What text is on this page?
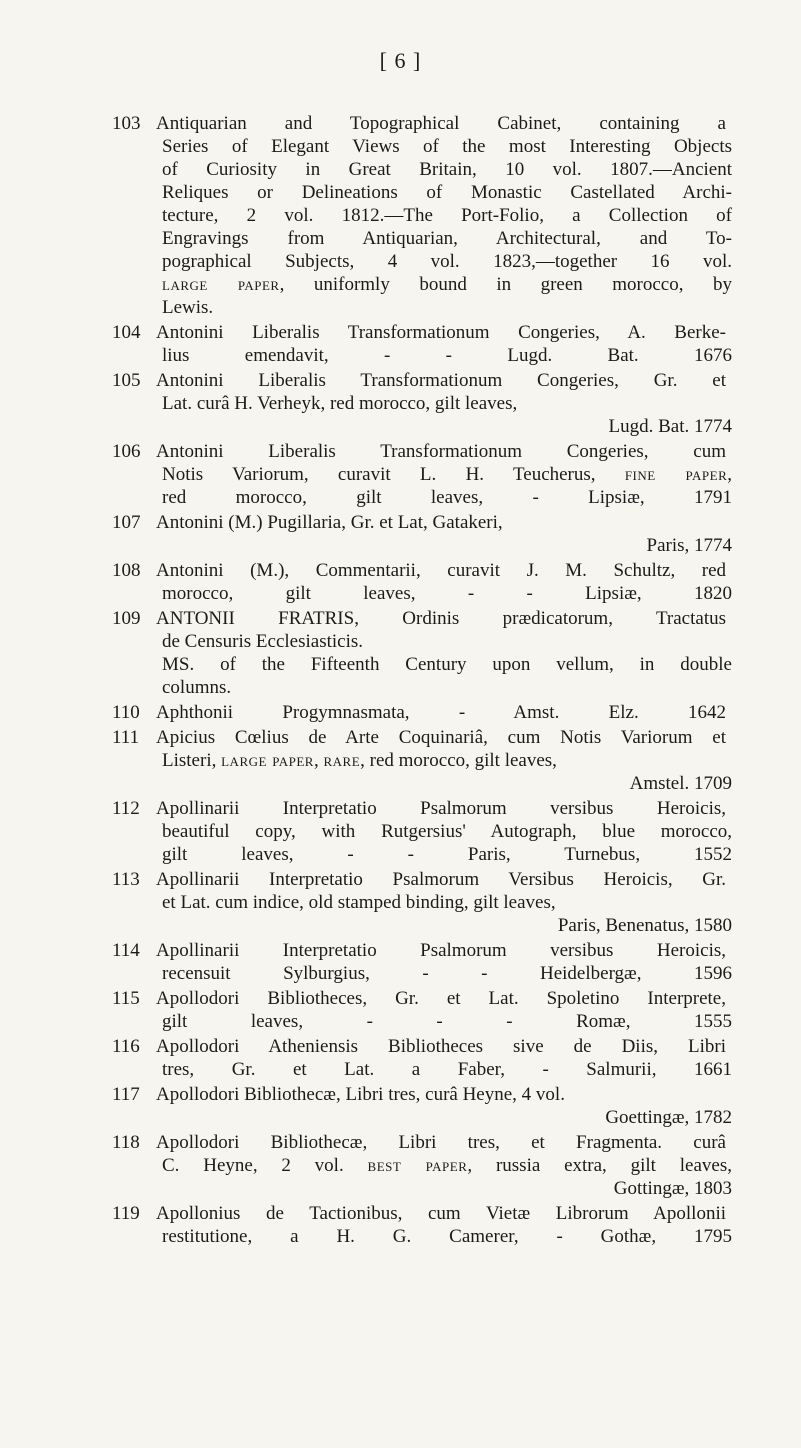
[ 6 ]
103 Antiquarian and Topographical Cabinet, containing a
Series of Elegant Views of the most Interesting Objects
of Curiosity in Great Britain, 10 vol. 1807.—Ancient
Reliques or Delineations of Monastic Castellated Archi-
tecture, 2 vol. 1812.—The Port-Folio, a Collection of
Engravings from Antiquarian, Architectural, and To-
pographical Subjects, 4 vol. 1823,—together 16 vol.
large paper, uniformly bound in green morocco, by
Lewis.
104 Antonini Liberalis Transformationum Congeries, A. Berke-
lius emendavit, - - Lugd. Bat. 1676
105 Antonini Liberalis Transformationum Congeries, Gr. et
Lat. curâ H. Verheyk, red morocco, gilt leaves,
Lugd. Bat. 1774
106 Antonini Liberalis Transformationum Congeries, cum
Notis Variorum, curavit L. H. Teucherus, fine paper,
red morocco, gilt leaves, - Lipsiæ, 1791
107 Antonini (M.) Pugillaria, Gr. et Lat, Gatakeri,
Paris, 1774
108 Antonini (M.), Commentarii, curavit J. M. Schultz, red
morocco, gilt leaves, - - Lipsiæ, 1820
109 ANTONII FRATRIS, Ordinis prædicatorum, Tractatus
de Censuris Ecclesiasticis.
MS. of the Fifteenth Century upon vellum, in double
columns.
110 Aphthonii Progymnasmata, - Amst. Elz. 1642
111 Apicius Cœlius de Arte Coquinariâ, cum Notis Variorum et
Listeri, large paper, rare, red morocco, gilt leaves,
Amstel. 1709
112 Apollinarii Interpretatio Psalmorum versibus Heroicis,
beautiful copy, with Rutgersius' Autograph, blue morocco,
gilt leaves, - - Paris, Turnebus, 1552
113 Apollinarii Interpretatio Psalmorum Versibus Heroicis, Gr.
et Lat. cum indice, old stamped binding, gilt leaves,
Paris, Benenatus, 1580
114 Apollinarii Interpretatio Psalmorum versibus Heroicis,
recensuit Sylburgius, - - Heidelbergæ, 1596
115 Apollodori Bibliotheces, Gr. et Lat. Spoletino Interprete,
gilt leaves, - - - Romæ, 1555
116 Apollodori Atheniensis Bibliotheces sive de Diis, Libri
tres, Gr. et Lat. a Faber, - Salmurii, 1661
117 Apollodori Bibliothecæ, Libri tres, curâ Heyne, 4 vol.
Goettingæ, 1782
118 Apollodori Bibliothecæ, Libri tres, et Fragmenta. curâ
C. Heyne, 2 vol. best paper, russia extra, gilt leaves,
Gottingæ, 1803
119 Apollonius de Tactionibus, cum Vietæ Librorum Apollonii
restitutione, a H. G. Camerer, - Gothæ, 1795
